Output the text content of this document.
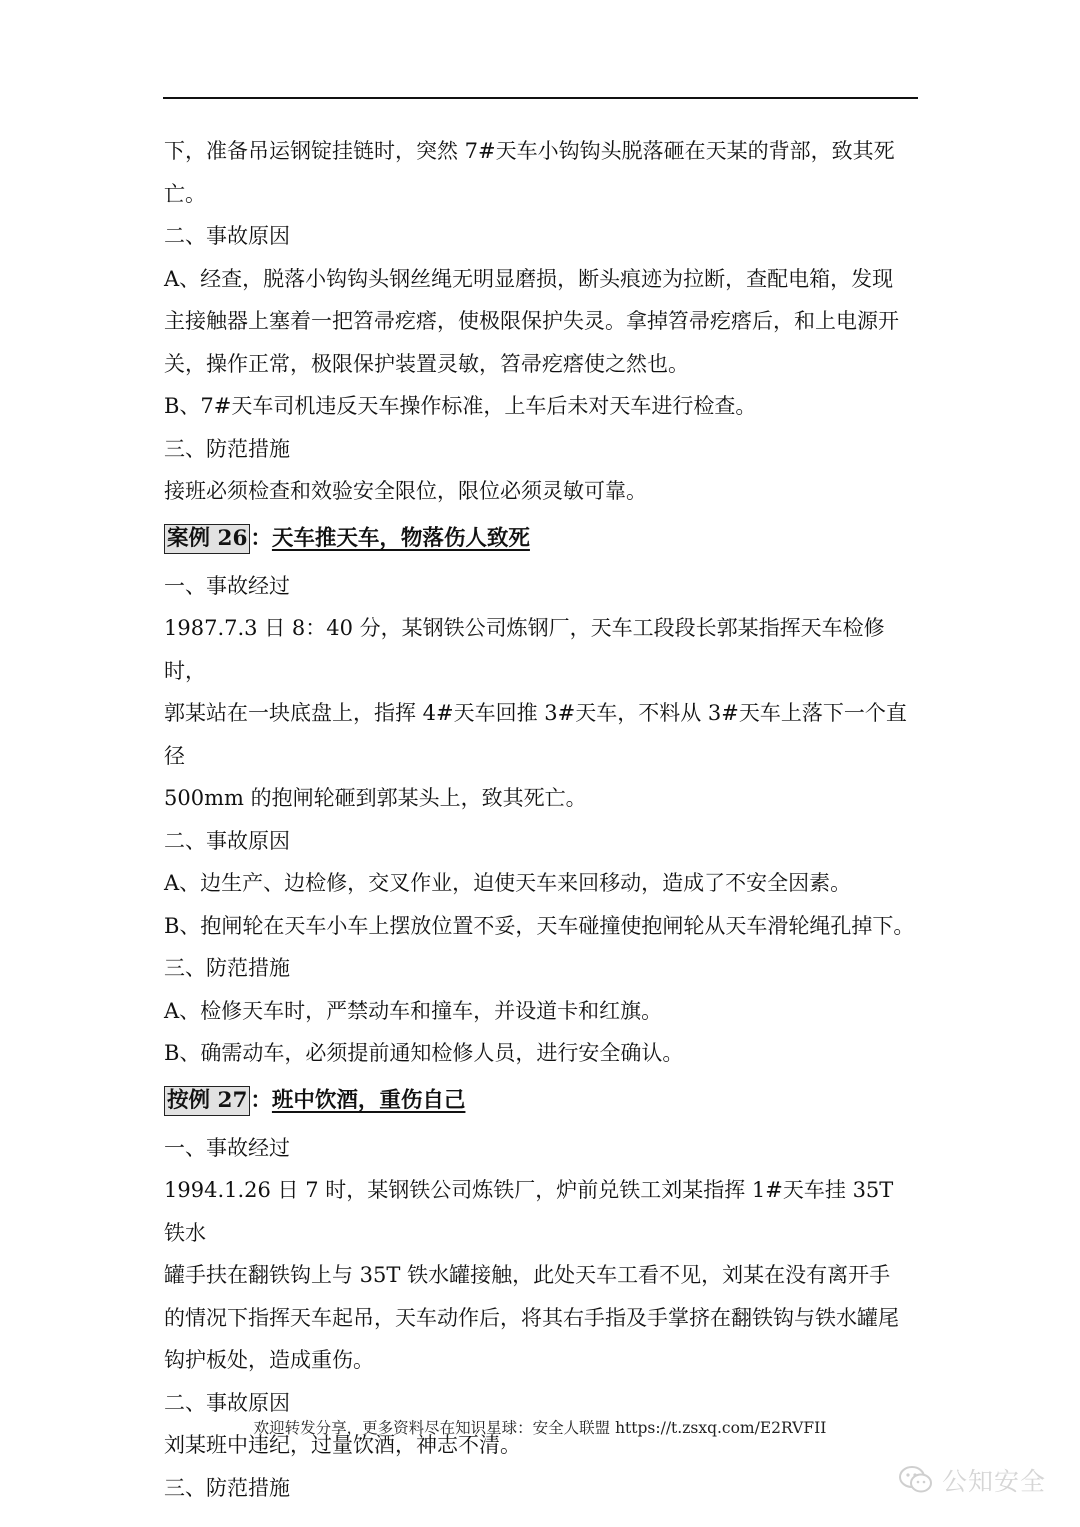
下，准备吊运钢锭挂链时，突然 7#天车小钩钩头脱落砸在天某的背部，致其死

亡。

二、事故原因

A、经查，脱落小钩钩头钢丝绳无明显磨损，断头痕迹为拉断，查配电箱，发现

主接触器上塞着一把笤帚疙瘩，使极限保护失灵。拿掉笤帚疙瘩后，和上电源开

关，操作正常，极限保护装置灵敏，笤帚疙瘩使之然也。

B、7#天车司机违反天车操作标准，上车后未对天车进行检查。

三、防范措施

接班必须检查和效验安全限位，限位必须灵敏可靠。

案例 26 ：天车推天车，物落伤人致死

一、事故经过

1987.7.3 日 8：40 分，某钢铁公司炼钢厂，天车工段段长郭某指挥天车检修时，

郭某站在一块底盘上，指挥 4#天车回推 3#天车，不料从 3#天车上落下一个直径

500mm 的抱闸轮砸到郭某头上，致其死亡。

二、事故原因

A、边生产、边检修，交叉作业，迫使天车来回移动，造成了不安全因素。

B、抱闸轮在天车小车上摆放位置不妥，天车碰撞使抱闸轮从天车滑轮绳孔掉下。

三、防范措施

A、检修天车时，严禁动车和撞车，并设道卡和红旗。

B、确需动车，必须提前通知检修人员，进行安全确认。

按例 27 ：班中饮酒，重伤自己

一、事故经过

1994.1.26 日 7 时，某钢铁公司炼铁厂，炉前兑铁工刘某指挥 1#天车挂 35T 铁水

罐手扶在翻铁钩上与 35T 铁水罐接触，此处天车工看不见，刘某在没有离开手

的情况下指挥天车起吊，天车动作后，将其右手指及手掌挤在翻铁钩与铁水罐尾

钩护板处，造成重伤。

二、事故原因

刘某班中违纪，过量饮酒，神志不清。

三、防范措施

欢迎转发分享，更多资料尽在知识星球：安全人联盟 https://t.zsxq.com/E2RVFII
公知安全
